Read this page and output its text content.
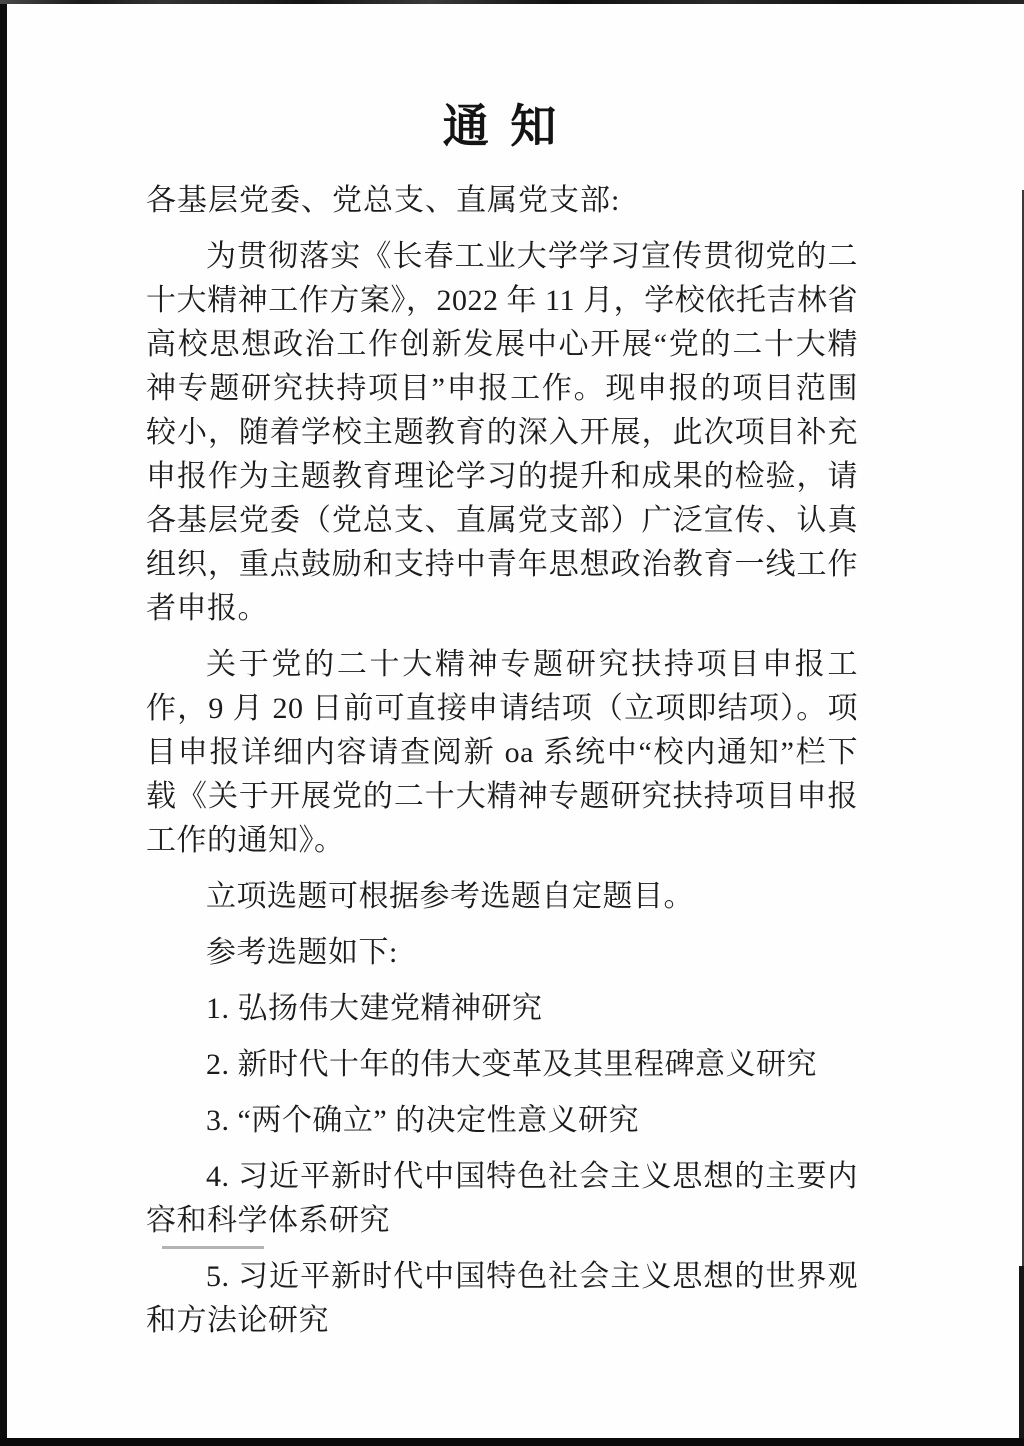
通 知

各基层党委、党总支、直属党支部:

为贯彻落实《长春工业大学学习宣传贯彻党的二十大精神工作方案》，2022 年 11 月，学校依托吉林省高校思想政治工作创新发展中心开展“党的二十大精神专题研究扶持项目”申报工作。现申报的项目范围较小，随着学校主题教育的深入开展，此次项目补充申报作为主题教育理论学习的提升和成果的检验，请各基层党委（党总支、直属党支部）广泛宣传、认真组织，重点鼓励和支持中青年思想政治教育一线工作者申报。

关于党的二十大精神专题研究扶持项目申报工作，9 月 20 日前可直接申请结项（立项即结项）。项目申报详细内容请查阅新 oa 系统中“校内通知”栏下载《关于开展党的二十大精神专题研究扶持项目申报工作的通知》。

立项选题可根据参考选题自定题目。

参考选题如下:

1. 弘扬伟大建党精神研究

2. 新时代十年的伟大变革及其里程碑意义研究

3. “两个确立” 的决定性意义研究

4. 习近平新时代中国特色社会主义思想的主要内容和科学体系研究

5. 习近平新时代中国特色社会主义思想的世界观和方法论研究
